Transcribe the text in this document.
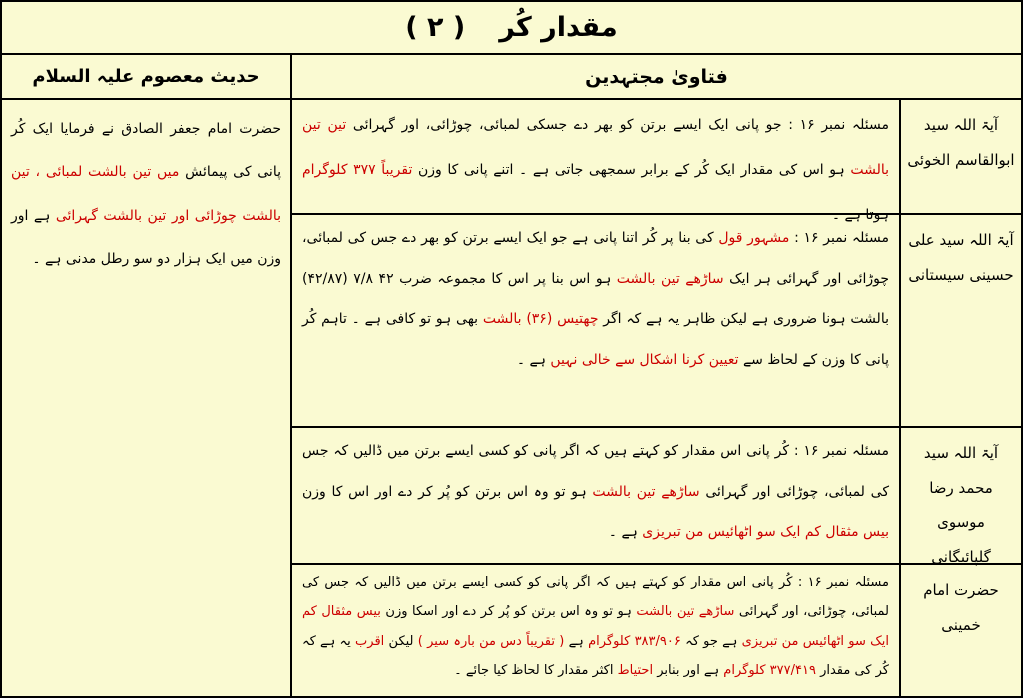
( ۲ ) مقدار کُر
حدیث معصوم علیہ السلام	فتاویٰ مجتہدین
حضرت امام جعفر الصادق نے فرمایا ایک کُر پانی کی پیمائش میں تین بالشت لمبائی ، تین بالشت چوڑائی اور تین بالشت گہرائی ہے اور وزن میں ایک ہزار دو سو رطل مدنی ہے ۔
مسئلہ نمبر ۱۶ : جو پانی ایک ایسے برتن کو بھر دے جسکی لمبائی، چوڑائی، اور گہرائی تین تین بالشت ہو اس کی مقدار ایک کُر کے برابر سمجھی جاتی ہے ۔ اتنے پانی کا وزن تقریباً ۳۷۷ کلوگرام ہوتا ہے ۔
آیۃ اللہ سید ابوالقاسم الخوئی
مسئلہ نمبر ۱۶ : مشہور قول کی بنا پر کُر اتنا پانی ہے جو ایک ایسے برتن کو بھر دے جس کی لمبائی، چوڑائی اور گہرائی ہر ایک ساڑھے تین بالشت ہو اس بنا پر اس کا مجموعہ ضرب ۴۲ ۷/۸ (۴۲/۸۷) بالشت ہونا ضروری ہے لیکن ظاہر یہ ہے کہ اگر چھتیس (۳۶) بالشت بھی ہو تو کافی ہے ۔ تاہم کُر پانی کا وزن کے لحاظ سے تعیین کرنا اشکال سے خالی نہیں ہے ۔
آیۃ اللہ سید علی حسینی سیستانی
مسئلہ نمبر ۱۶ : کُر پانی اس مقدار کو کہتے ہیں کہ اگر پانی کو کسی ایسے برتن میں ڈالیں کہ جس کی لمبائی، چوڑائی اور گہرائی ساڑھے تین بالشت ہو تو وہ اس برتن کو پُر کر دے اور اس کا وزن بیس مثقال کم ایک سو اٹھائیس من تبریزی ہے ۔
آیۃ اللہ سید محمد رضا موسوی گلپائیگانی
مسئلہ نمبر ۱۶ : کُر پانی اس مقدار کو کہتے ہیں کہ اگر پانی کو کسی ایسے برتن میں ڈالیں کہ جس کی لمبائی، چوڑائی، اور گہرائی ساڑھے تین بالشت ہو تو وہ اس برتن کو پُر کر دے اور اسکا وزن بیس مثقال کم ایک سو اٹھائیس من تبریزی ہے جو کہ ۳۸۳/۹۰۶ کلوگرام ہے ( تقریباً دس من بارہ سیر ) لیکن اقرب یہ ہے کہ کُر کی مقدار ۳۷۷/۴۱۹ کلوگرام ہے اور بنابر احتیاط اکثر مقدار کا لحاظ کیا جائے ۔
حضرت امام خمینی
